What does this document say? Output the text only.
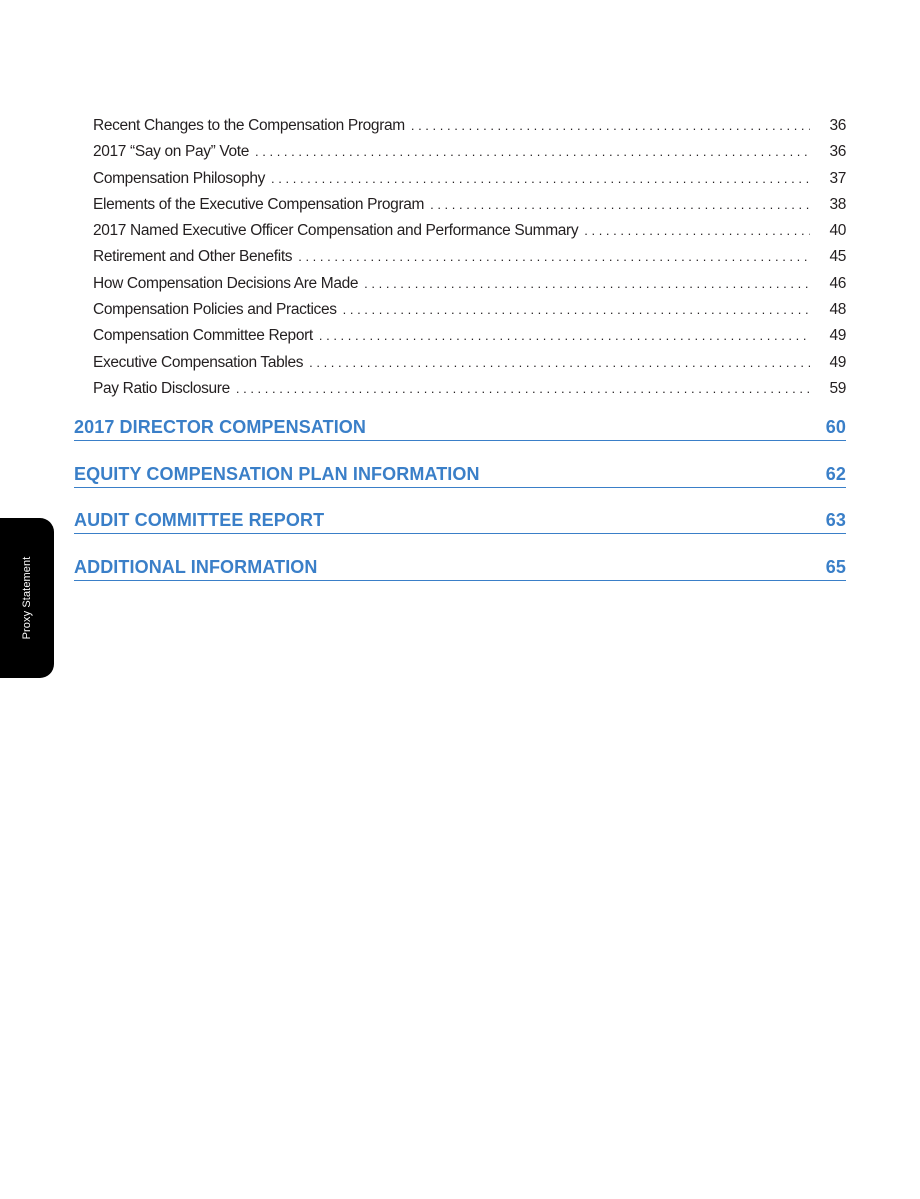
Recent Changes to the Compensation Program . . .	36
2017 “Say on Pay” Vote . . .	36
Compensation Philosophy . . .	37
Elements of the Executive Compensation Program . . .	38
2017 Named Executive Officer Compensation and Performance Summary . . .	40
Retirement and Other Benefits . . .	45
How Compensation Decisions Are Made . . .	46
Compensation Policies and Practices . . .	48
Compensation Committee Report . . .	49
Executive Compensation Tables . . .	49
Pay Ratio Disclosure . . .	59
2017 DIRECTOR COMPENSATION	60
EQUITY COMPENSATION PLAN INFORMATION	62
AUDIT COMMITTEE REPORT	63
ADDITIONAL INFORMATION	65
Proxy Statement
